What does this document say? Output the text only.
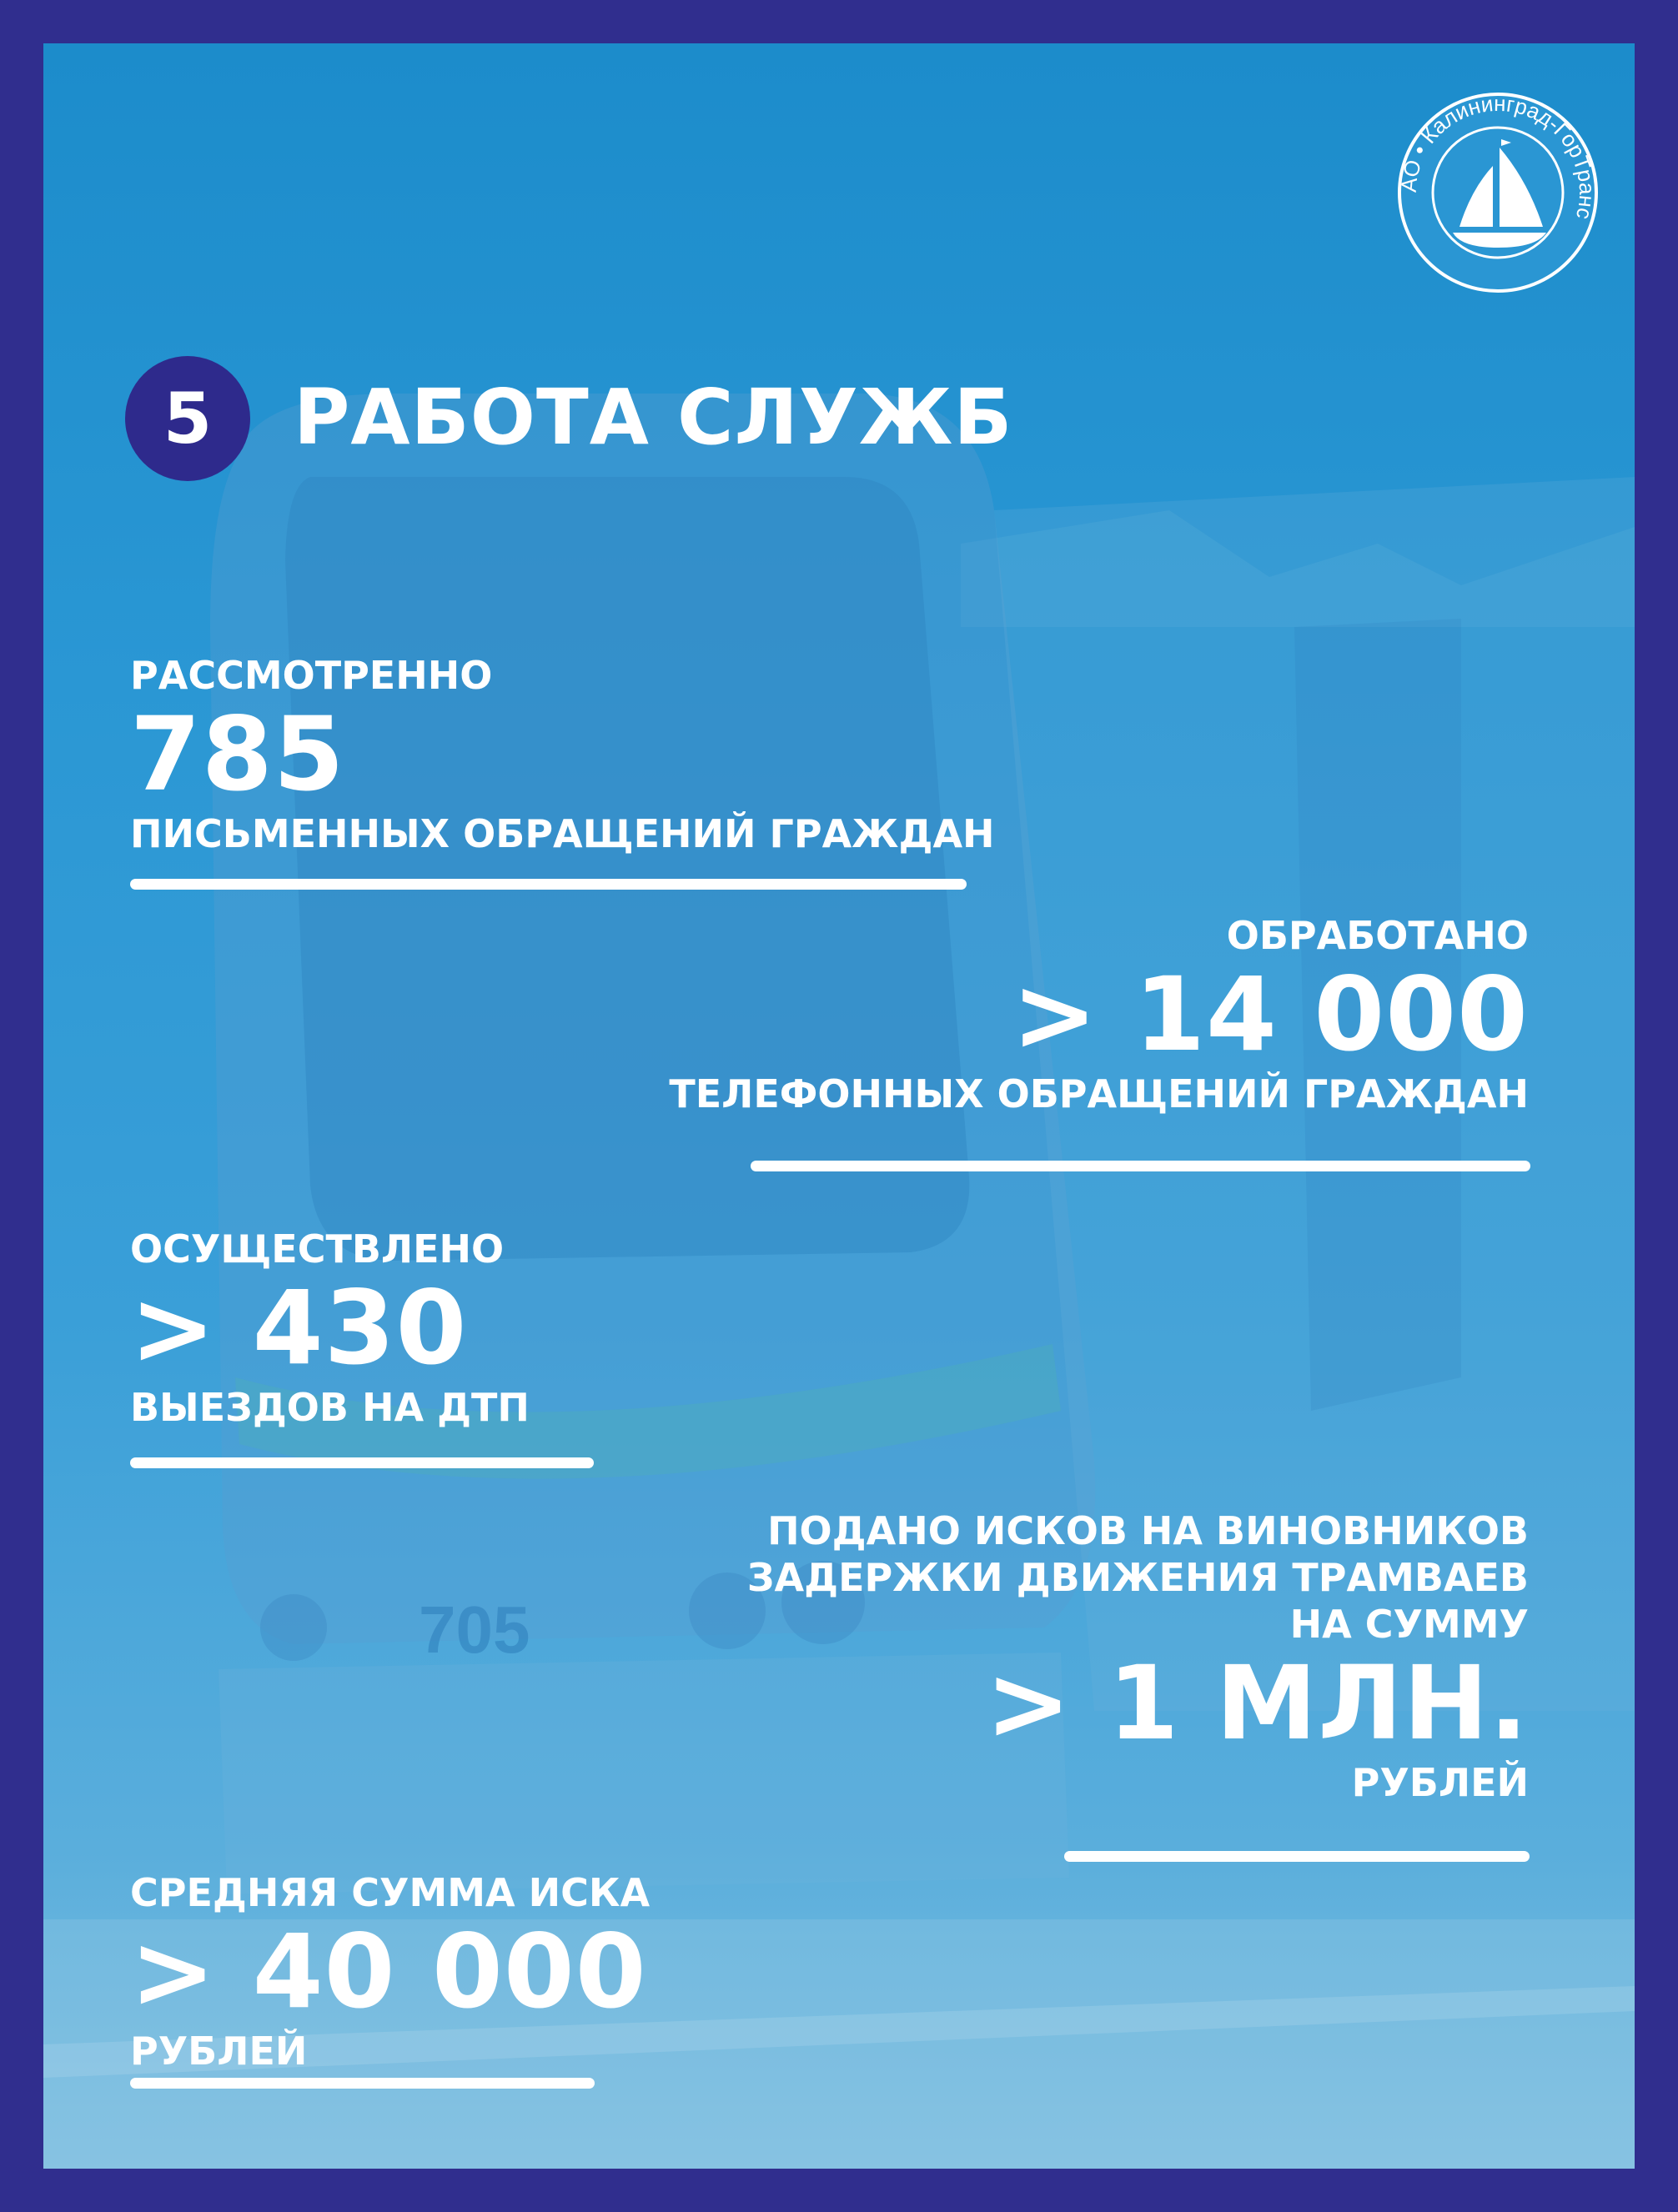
705
АО • Калининград-ГорТранс
5	РАБОТА СЛУЖБ
РАССМОТРЕННО
785
ПИСЬМЕННЫХ ОБРАЩЕНИЙ ГРАЖДАН
ОБРАБОТАНО
> 14 000
ТЕЛЕФОННЫХ ОБРАЩЕНИЙ ГРАЖДАН
ОСУЩЕСТВЛЕНО
> 430
ВЫЕЗДОВ НА ДТП
ПОДАНО ИСКОВ НА ВИНОВНИКОВ
ЗАДЕРЖКИ ДВИЖЕНИЯ ТРАМВАЕВ
НА СУММУ
> 1 МЛН.
РУБЛЕЙ
СРЕДНЯЯ СУММА ИСКА
> 40 000
РУБЛЕЙ
